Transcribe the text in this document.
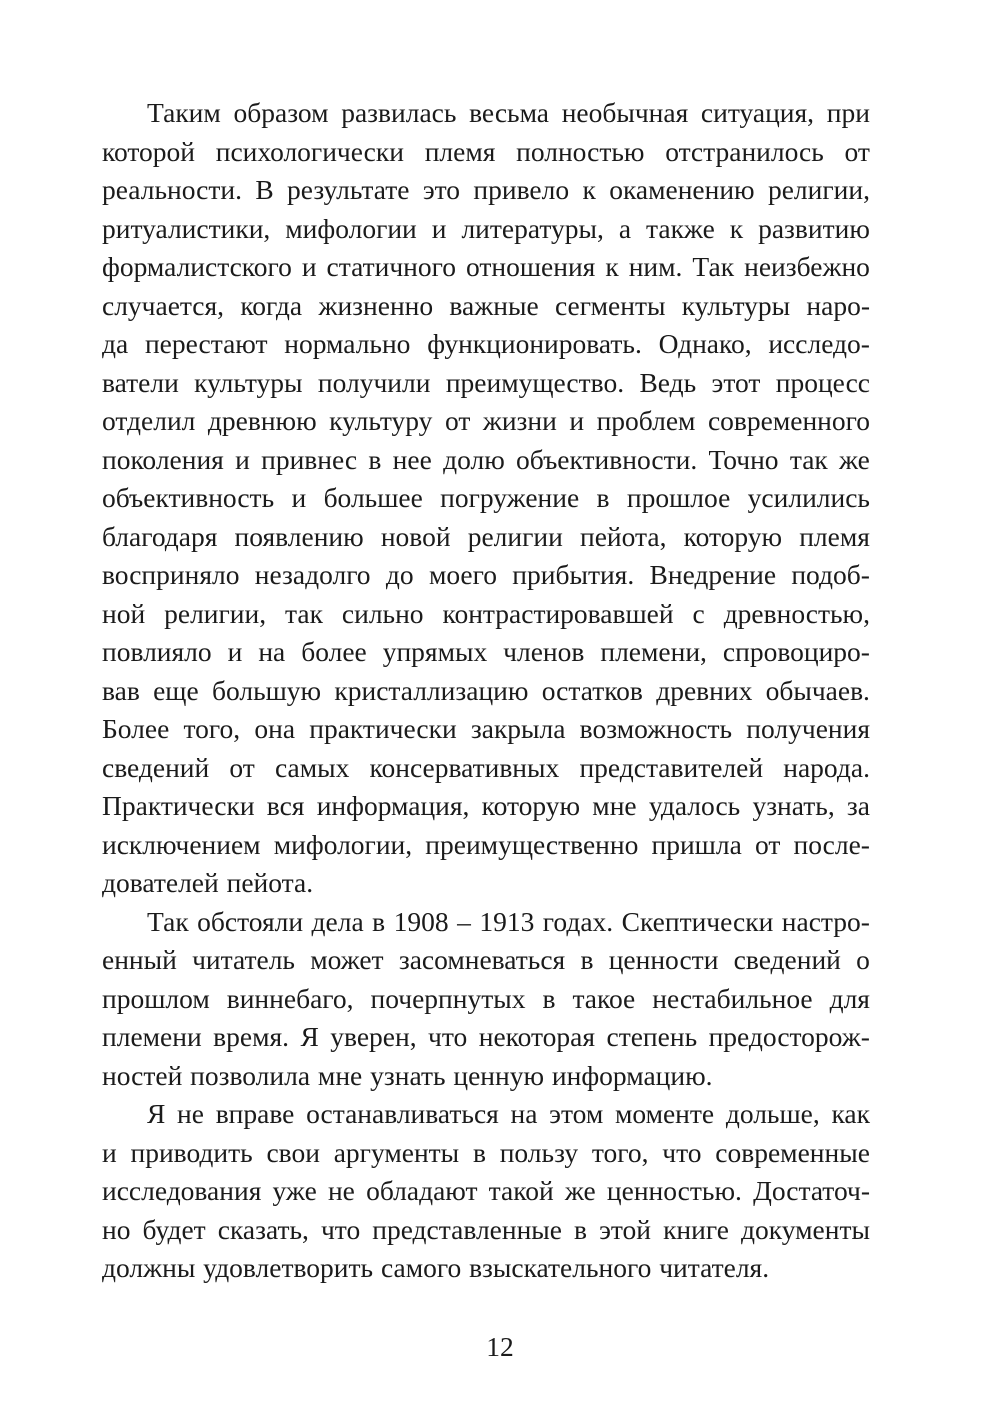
Таким образом развилась весьма необычная ситуация, при
которой психологически племя полностью отстранилось от
реальности. В результате это привело к окаменению религии,
ритуалистики, мифологии и литературы, а также к развитию
формалистского и статичного отношения к ним. Так неизбежно
случается, когда жизненно важные сегменты культуры наро-
да перестают нормально функционировать. Однако, исследо-
ватели культуры получили преимущество. Ведь этот процесс
отделил древнюю культуру от жизни и проблем современного
поколения и привнес в нее долю объективности. Точно так же
объективность и большее погружение в прошлое усилились
благодаря появлению новой религии пейота, которую племя
восприняло незадолго до моего прибытия. Внедрение подоб-
ной религии, так сильно контрастировавшей с древностью,
повлияло и на более упрямых членов племени, спровоциро-
вав еще большую кристаллизацию остатков древних обычаев.
Более того, она практически закрыла возможность получения
сведений от самых консервативных представителей народа.
Практически вся информация, которую мне удалось узнать, за
исключением мифологии, преимущественно пришла от после-
дователей пейота.
Так обстояли дела в 1908 – 1913 годах. Скептически настро-
енный читатель может засомневаться в ценности сведений о
прошлом виннебаго, почерпнутых в такое нестабильное для
племени время. Я уверен, что некоторая степень предосторож-
ностей позволила мне узнать ценную информацию.
Я не вправе останавливаться на этом моменте дольше, как
и приводить свои аргументы в пользу того, что современные
исследования уже не обладают такой же ценностью. Достаточ-
но будет сказать, что представленные в этой книге документы
должны удовлетворить самого взыскательного читателя.
12
